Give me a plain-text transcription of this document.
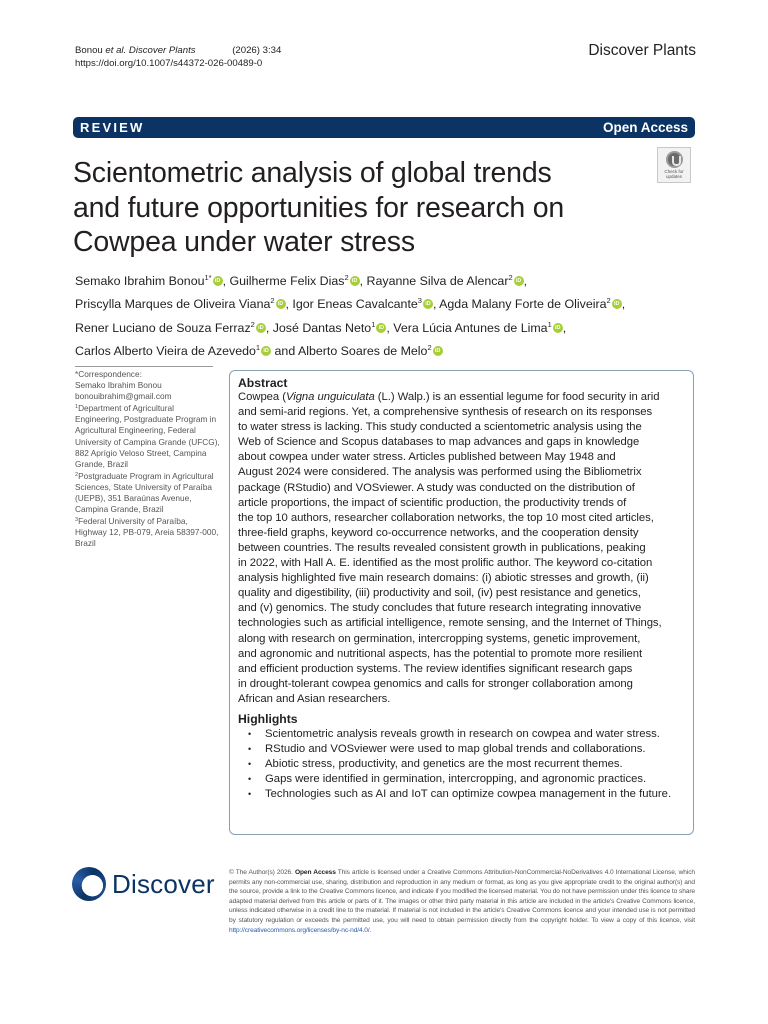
Bonou et al. Discover Plants	(2026) 3:34
https://doi.org/10.1007/s44372-026-00489-0
Discover Plants
REVIEW	Open Access
Check for
updates
Scientometric analysis of global trends and future opportunities for research on Cowpea under water stress
Semako Ibrahim Bonou$^{1*}$ iD , Guilherme Felix Dias$^2$ iD , Rayanne Silva de Alencar$^2$ iD ,
Priscylla Marques de Oliveira Viana$^2$ iD , Igor Eneas Cavalcante$^3$ iD , Agda Malany Forte de Oliveira$^2$ iD ,
Rener Luciano de Souza Ferraz$^2$ iD , José Dantas Neto$^1$ iD , Vera Lúcia Antunes de Lima$^1$ iD ,
Carlos Alberto Vieira de Azevedo$^1$iD and Alberto Soares de Melo$^2$iD

*Correspondence:

Semako Ibrahim Bonou

bonouibrahim@gmail.com

$^1$Department of Agricultural Engineering, Postgraduate Program in Agricultural Engineering, Federal University of Campina Grande (UFCG), 882 Aprígio Veloso Street, Campina Grande, Brazil

$^2$Postgraduate Program in Agricultural Sciences, State University of Paraíba (UEPB), 351 Baraúnas Avenue, Campina Grande, Brazil

$^3$Federal University of Paraíba, Highway 12, PB-079, Areia 58397-000, Brazil

Abstract
Cowpea (Vigna unguiculata (L.) Walp.) is an essential legume for food security in arid
and semi-arid regions. Yet, a comprehensive synthesis of research on its responses
to water stress is lacking. This study conducted a scientometric analysis using the
Web of Science and Scopus databases to map advances and gaps in knowledge
about cowpea under water stress. Articles published between May 1948 and
August 2024 were considered. The analysis was performed using the Bibliometrix
package (RStudio) and VOSviewer. A study was conducted on the distribution of
article proportions, the impact of scientific production, the productivity trends of
the top 10 authors, researcher collaboration networks, the top 10 most cited articles,
three-field graphs, keyword co-occurrence networks, and the cooperation density
between countries. The results revealed consistent growth in publications, peaking
in 2022, with Hall A. E. identified as the most prolific author. The keyword co-citation
analysis highlighted five main research domains: (i) abiotic stresses and growth, (ii)
quality and digestibility, (iii) productivity and soil, (iv) pest resistance and genetics,
and (v) genomics. The study concludes that future research integrating innovative
technologies such as artificial intelligence, remote sensing, and the Internet of Things,
along with research on germination, intercropping systems, genetic improvement,
and agronomic and nutritional aspects, has the potential to promote more resilient
and efficient production systems. The review identifies significant research gaps
in drought-tolerant cowpea genomics and calls for stronger collaboration among
African and Asian researchers.
Highlights
• Scientometric analysis reveals growth in research on cowpea and water stress.
• RStudio and VOSviewer were used to map global trends and collaborations.
• Abiotic stress, productivity, and genetics are the most recurrent themes.
• Gaps were identified in germination, intercropping, and agronomic practices.
• Technologies such as AI and IoT can optimize cowpea management in the future.
Discover © The Author(s) 2026. Open Access This article is licensed under a Creative Commons Attribution-NonCommercial-NoDerivatives 4.0 International License, which permits any non-commercial use, sharing, distribution and reproduction in any medium or format, as long as you give appropriate credit to the original author(s) and the source, provide a link to the Creative Commons licence, and indicate if you modified the licensed material. You do not have permission under this licence to share adapted material derived from this article or parts of it. The images or other third party material in this article are included in the article's Creative Commons licence, unless indicated otherwise in a credit line to the material. If material is not included in the article's Creative Commons licence and your intended use is not permitted by statutory regulation or exceeds the permitted use, you will need to obtain permission directly from the copyright holder. To view a copy of this licence, visit http://creativecommons.org/licenses/by-nc-nd/4.0/.
